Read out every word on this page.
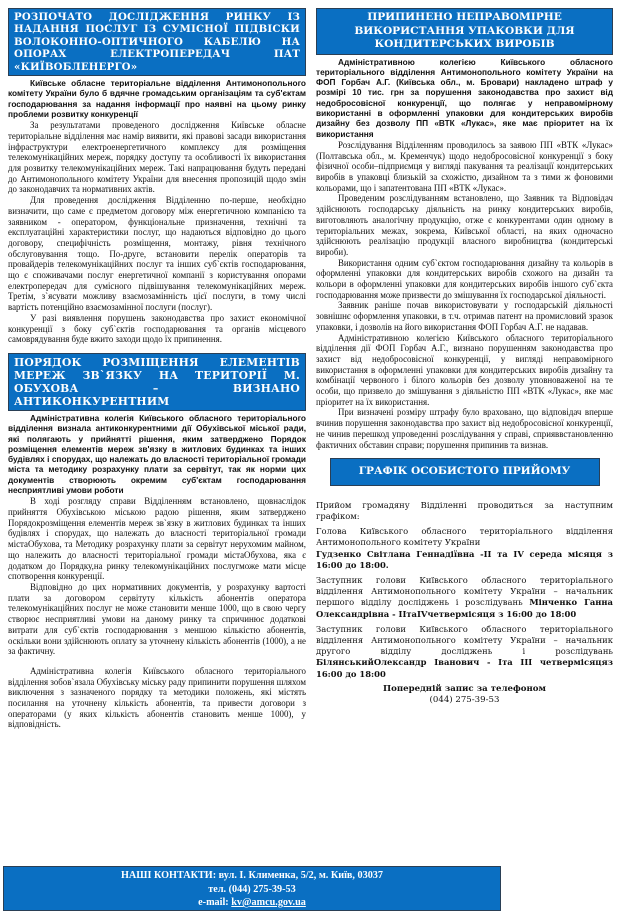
РОЗПОЧАТО ДОСЛІДЖЕННЯ РИНКУ ІЗ НАДАННЯ ПОСЛУГ ІЗ СУМІСНОЇ ПІДВІСКИ ВОЛОКОННО-ОПТИЧНОГО КАБЕЛЮ НА ОПОРАХ ЕЛЕКТРОПЕРЕДАЧ ПАТ «КИЇВОБЛЕНЕРГО»

Київське обласне територіальне відділення Антимонопольного комітету України було б вдячне громадським організаціям та суб'єктам господарювання за надання інформації про наявні на цьому ринку проблеми розвитку конкуренції

За результатами проведеного дослідження Київське обласне територіальне відділення має намір виявити, які правові засади використання інфраструктури електроенергетичного комплексу для розміщення телекомунікаційних мереж, порядку доступу та особливості їх використання для розвитку телекомунікаційних мереж. Такі напрацювання будуть передані до Антимонопольного комітету України для внесення пропозицій щодо змін до законодавчих та нормативних актів.

Для проведення дослідження Відділенню по-перше, необхідно визначити, що саме є предметом договору між енергетичною компанією та заявником - оператором, функціональне призначення, технічні та експлуатаційні характеристики послуг, що надаються відповідно до цього договору, специфічність розміщення, монтажу, рівня технічного обслуговування тощо. По-друге, встановити перелік операторів та провайдерів телекомунікаційних послуг та інших суб`єктів господарювання, що є споживачами послуг енергетичної компанії з користування опорами електропередач для сумісного підвішування телекомунікаційних мереж. Третім, з`ясувати можливу взаємозамінність цієї послуги, в тому числі вартість потенційно взаємозамінної послуги (послуг).

У разі виявлення порушень законодавства про захист економічної конкуренції з боку суб`єктів господарювання та органів місцевого самоврядування буде вжито заходи щодо їх припинення.

ПОРЯДОК РОЗМІЩЕННЯ ЕЛЕМЕНТІВ МЕРЕЖ ЗВ`ЯЗКУ НА ТЕРИТОРІЇ М. ОБУХОВА – ВИЗНАНО АНТИКОНКУРЕНТНИМ

Адміністративна колегія Київського обласного територіального відділення визнала антиконкурентними дії Обухівської міської ради, які полягають у прийнятті рішення, яким затверджено Порядок розміщення елементів мереж зв'язку в житлових будинках та інших будівлях і спорудах, що належать до власності територіальної громади міста та методику розрахунку плати за сервітут, так як норми цих документів створюють окремим суб'єктам господарювання несприятливі умови роботи

В ході розгляду справи Відділенням встановлено, щовнаслідок прийняття Обухівською міською радою рішення, яким затверджено Порядокрозміщення елементів мереж зв`язку в житлових будинках та інших будівлях і спорудах, що належать до власності територіальної громади містаОбухова, та Методику розрахунку плати за сервітут нерухомим майном, що належить до власності територіальної громади містаОбухова, яка є додатком до Порядку,на ринку телекомунікаційних послугможе мати місце спотворення конкуренції.

Відповідно до цих нормативних документів, у розрахунку вартості плати за договором сервітуту кількість абонентів оператора телекомунікаційних послуг не може становити менше 1000, що в свою чергу створює несприятливі умови на даному ринку та спричинює додаткові витрати для суб`єктів господарювання з меншою кількістю абонентів, оскільки вони здійснюють оплату за уточнену кількість абонентів (1000), а не за фактичну.

Адміністративна колегія Київського обласного територіального відділення зобов`язала Обухівську міську раду припинити порушення шляхом виключення з зазначеного порядку та методики положень, які містять посилання на уточнену кількість абонентів, та привести договори з операторами (у яких кількість абонентів становить менше 1000), у відповідність.

ПРИПИНЕНО НЕПРАВОМІРНЕ ВИКОРИСТАННЯ УПАКОВКИ ДЛЯ КОНДИТЕРСЬКИХ ВИРОБІВ

Адміністративною колегією Київського обласного територіального відділення Антимонопольного комітету України на ФОП Горбач А.Г. (Київська обл., м. Бровари) накладено штраф у розмірі 10 тис. грн за порушення законодавства про захист від недобросовісної конкуренції, що полягає у неправомірному використанні в оформленні упаковки для кондитерських виробів дизайну без дозволу ПП «ВТК «Лукас», яке має пріоритет на їх використання

Розслідування Відділенням проводилось за заявою ПП «ВТК «Лукас» (Полтавська обл., м. Кременчук) щодо недобросовісної конкуренції з боку фізичної особи–підприємця у вигляді пакування та реалізації кондитерських виробів в упаковці близькій за схожістю, дизайном та з тими ж фоновими кольорами, що і запатентована ПП «ВТК «Лукас».

Проведеним розслідуванням встановлено, що Заявник та Відповідач здійснюють господарську діяльність на ринку кондитерських виробів, виготовляють аналогічну продукцію, отже є конкурентами один одному в територіальних межах, зокрема, Київської області, на яких одночасно здійснюють реалізацію продукції власного виробництва (кондитерські вироби).

Використання одним суб`єктом господарювання дизайну та кольорів в оформленні упаковки для кондитерських виробів схожого на дизайн та кольори в оформленні упаковки для кондитерських виробів іншого суб`єкта господарювання може призвести до змішування їх господарської діяльності.

Заявник раніше почав використовувати у господарській діяльності зовнішнє оформлення упаковки, в т.ч. отримав патент на промисловий зразок упаковки, і дозволів на його використання ФОП Горбач А.Г. не надавав.

Адміністративною колегією Київського обласного територіального відділення дії ФОП Горбач А.Г., визнано порушенням законодавства про захист від недобросовісної конкуренції, у вигляді неправомірного використання в оформленні упаковки для кондитерських виробів дизайну та комбінації червоного і білого кольорів без дозволу уповноваженої на те особи, що призвело до змішування з діяльністю ПП «ВТК «Лукас», яке має пріоритет на їх використання.

При визначені розміру штрафу було враховано, що відповідач вперше вчинив порушення законодавства про захист від недобросовісної конкуренції, не чинив перешкод упроведенні розслідування у справі, сприяввстановленню фактичних обставин справи; порушення припинив та визнав.

ГРАФІК ОСОБИСТОГО ПРИЙОМУ

Прийом громадяну Відділенні проводиться за наступним графіком:

Голова Київського обласного територіального відділення Антимонопольного комітету України
Гудзенко Світлана Геннадіївна -II та IV середа місяця з 16:00 до 18:00.

Заступник голови Київського обласного територіального відділення Антимонопольного комітету України – начальник першого відділу досліджень і розслідувань Мінченко Ганна Олександрівна - IIтаIVчетвермісяця з 16:00 до 18:00

Заступник голови Київського обласного територіального відділення Антимонопольного комітету України – начальник другого відділу досліджень і розслідувань БілянськийОлександр Іванович - Iта III четвермісяцяз 16:00 до 18:00

Попередній запис за телефоном
(044) 275-39-53
НАШІ КОНТАКТИ: вул. І. Клименка, 5/2, м. Київ, 03037
тел. (044) 275-39-53
e-mail: kv@amcu.gov.ua
